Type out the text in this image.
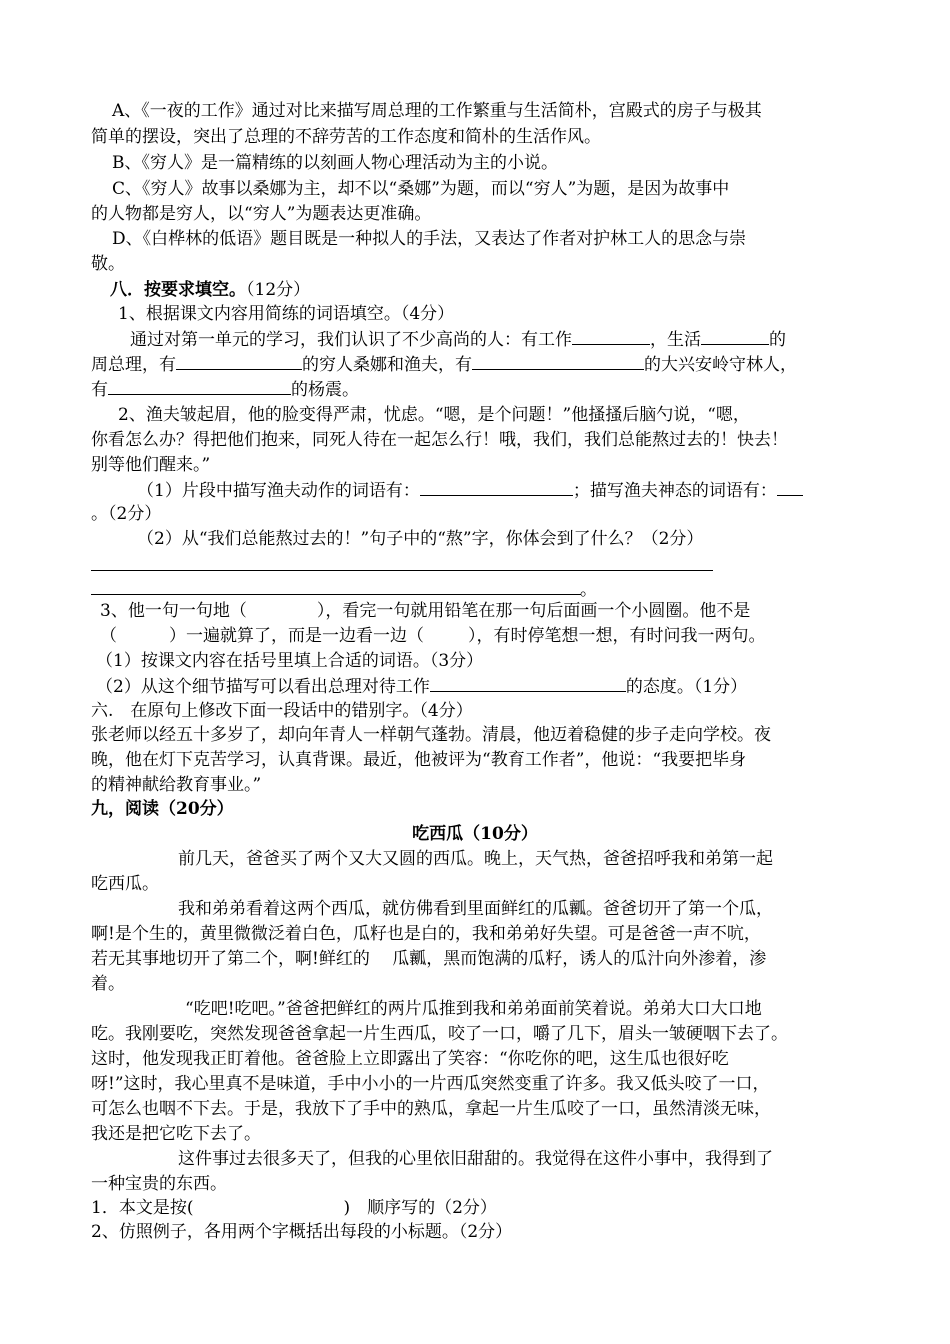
A、《一夜的工作》通过对比来描写周总理的工作繁重与生活简朴，宫殿式的房子与极其
简单的摆设，突出了总理的不辞劳苦的工作态度和简朴的生活作风。
B、《穷人》是一篇精练的以刻画人物心理活动为主的小说。
C、《穷人》故事以桑娜为主，却不以“桑娜”为题，而以“穷人”为题，是因为故事中
的人物都是穷人，以“穷人”为题表达更准确。
D、《白桦林的低语》题目既是一种拟人的手法，又表达了作者对护林工人的思念与崇
敬。
八．按要求填空。（12分）
1、根据课文内容用简练的词语填空。（4分）
通过对第一单元的学习，我们认识了不少高尚的人：有工作	，生活	的
周总理，有	的穷人桑娜和渔夫，有	的大兴安岭守林人，
有	的杨震。
2、渔夫皱起眉，他的脸变得严肃，忧虑。“嗯，是个问题！”他搔搔后脑勺说，“嗯，
你看怎么办？得把他们抱来，同死人待在一起怎么行！哦，我们，我们总能熬过去的！快去！
别等他们醒来。”
（1）片段中描写渔夫动作的词语有：	；描写渔夫神态的词语有：
。（2分）
（2）从“我们总能熬过去的！”句子中的“熬”字，你体会到了什么？（2分）
。
3、他一句一句地（	），看完一句就用铅笔在那一句后面画一个小圆圈。他不是
（	）一遍就算了，而是一边看一边（	），有时停笔想一想，有时问我一两句。
（1）按课文内容在括号里填上合适的词语。（3分）
（2）从这个细节描写可以看出总理对待工作	的态度。（1分）
六.　在原句上修改下面一段话中的错别字。（4分）
张老师以经五十多岁了，却向年青人一样朝气蓬勃。清晨，他迈着稳健的步子走向学校。夜
晚，他在灯下克苦学习，认真背课。最近，他被评为“教育工作者”，他说：“我要把毕身
的精神献给教育事业。”
九，阅读（20分）
吃西瓜（10分）
前几天，爸爸买了两个又大又圆的西瓜。晚上，天气热，爸爸招呼我和弟第一起
吃西瓜。
我和弟弟看着这两个西瓜，就仿佛看到里面鲜红的瓜瓤。爸爸切开了第一个瓜，
啊!是个生的，黄里微微泛着白色，瓜籽也是白的，我和弟弟好失望。可是爸爸一声不吭，
若无其事地切开了第二个，啊!鲜红的　 瓜瓤，黑而饱满的瓜籽，诱人的瓜汁向外渗着，渗
着。
“吃吧!吃吧。”爸爸把鲜红的两片瓜推到我和弟弟面前笑着说。弟弟大口大口地
吃。我刚要吃，突然发现爸爸拿起一片生西瓜，咬了一口，嚼了几下，眉头一皱硬咽下去了。
这时，他发现我正盯着他。爸爸脸上立即露出了笑容：“你吃你的吧，这生瓜也很好吃
呀!”这时，我心里真不是味道，手中小小的一片西瓜突然变重了许多。我又低头咬了一口，
可怎么也咽不下去。于是，我放下了手中的熟瓜，拿起一片生瓜咬了一口，虽然清淡无味，
我还是把它吃下去了。
这件事过去很多天了，但我的心里依旧甜甜的。我觉得在这件小事中，我得到了
一种宝贵的东西。
1．本文是按(	)　顺序写的（2分）
2、仿照例子，各用两个字概括出每段的小标题。（2分）
